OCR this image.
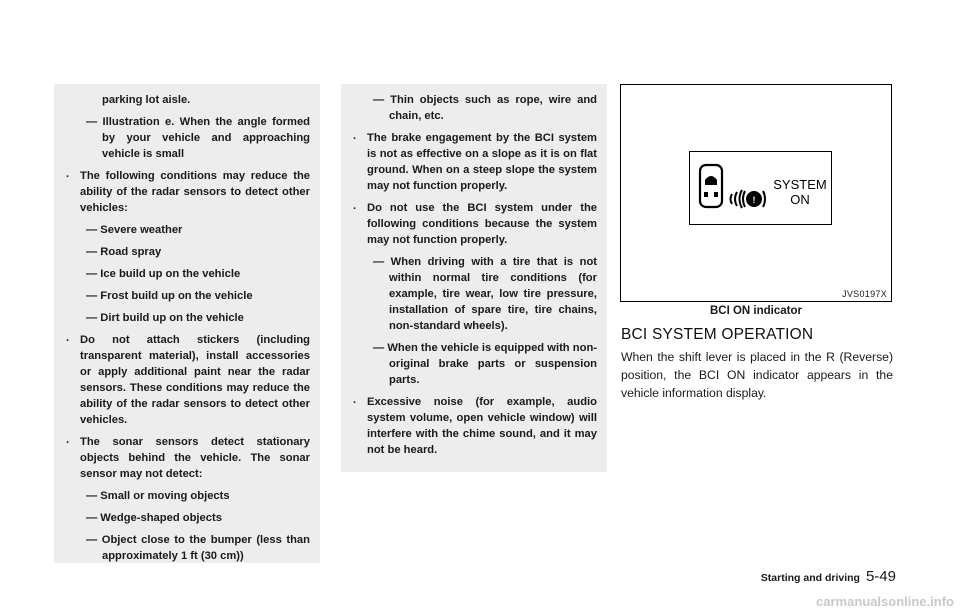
parking lot aisle.
— Illustration e. When the angle formed by your vehicle and approaching vehicle is small
. The following conditions may reduce the ability of the radar sensors to detect other vehicles:
— Severe weather
— Road spray
— Ice build up on the vehicle
— Frost build up on the vehicle
— Dirt build up on the vehicle
. Do not attach stickers (including transparent material), install accessories or apply additional paint near the radar sensors. These conditions may reduce the ability of the radar sensors to detect other vehicles.
. The sonar sensors detect stationary objects behind the vehicle. The sonar sensor may not detect:
— Small or moving objects
— Wedge-shaped objects
— Object close to the bumper (less than approximately 1 ft (30 cm))
— Thin objects such as rope, wire and chain, etc.
. The brake engagement by the BCI system is not as effective on a slope as it is on flat ground. When on a steep slope the system may not function properly.
. Do not use the BCI system under the following conditions because the system may not function properly.
— When driving with a tire that is not within normal tire conditions (for example, tire wear, low tire pressure, installation of spare tire, tire chains, non-standard wheels).
— When the vehicle is equipped with non-original brake parts or suspension parts.
. Excessive noise (for example, audio system volume, open vehicle window) will interfere with the chime sound, and it may not be heard.
!
SYSTEM
ON
JVS0197X
BCI ON indicator
BCI SYSTEM OPERATION
When the shift lever is placed in the R (Reverse) position, the BCI ON indicator appears in the vehicle information display.
Starting and driving 5-49
carmanualsonline.info
